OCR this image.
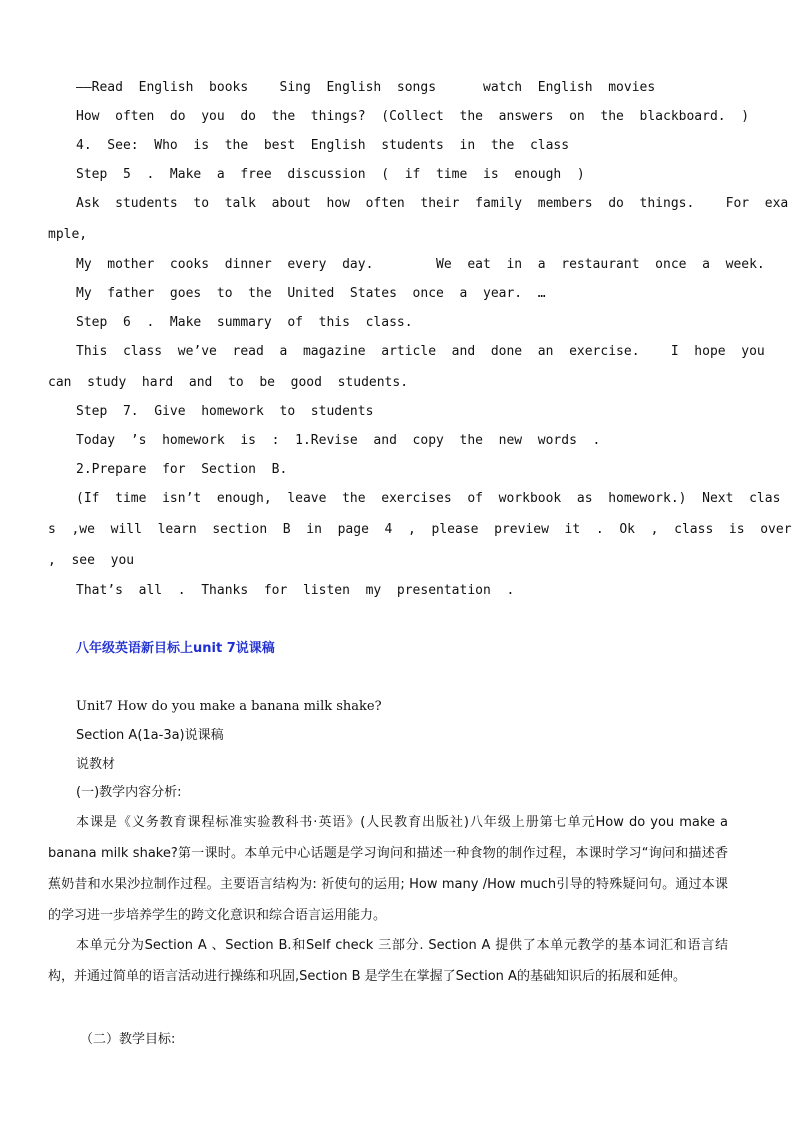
——Read  English  books    Sing  English  songs      watch  English  movies
How  often  do  you  do  the  things?  (Collect  the  answers  on  the  blackboard.  )
4.  See:  Who  is  the  best  English  students  in  the  class
Step  5  .  Make  a  free  discussion  (  if  time  is  enough  )
Ask  students  to  talk  about  how  often  their  family  members  do  things.    For  exa
mple,
My  mother  cooks  dinner  every  day.        We  eat  in  a  restaurant  once  a  week.
My  father  goes  to  the  United  States  once  a  year.  …
Step  6  .  Make  summary  of  this  class.
This  class  we’ve  read  a  magazine  article  and  done  an  exercise.    I  hope  you
can  study  hard  and  to  be  good  students.
Step  7.  Give  homework  to  students
Today  ’s  homework  is  :  1.Revise  and  copy  the  new  words  .
2.Prepare  for  Section  B.
(If  time  isn’t  enough,  leave  the  exercises  of  workbook  as  homework.)  Next  clas
s  ,we  will  learn  section  B  in  page  4  ,  please  preview  it  .  Ok  ,  class  is  over
,  see  you
That’s  all  .  Thanks  for  listen  my  presentation  .
八年级英语新目标上unit 7说课稿
Unit7 How do you make a banana milk shake?
Section A(1a-3a)说课稿
说教材
(一)教学内容分析:

本课是《义务教育课程标准实验教科书·英语》(人民教育出版社)八年级上册第七单元How do you make a banana milk shake?第一课时。本单元中心话题是学习询问和描述一种食物的制作过程，本课时学习“询问和描述香蕉奶昔和水果沙拉制作过程。主要语言结构为: 祈使句的运用; How many /How much引导的特殊疑问句。通过本课的学习进一步培养学生的跨文化意识和综合语言运用能力。

本单元分为Section A 、Section B.和Self check 三部分. Section A 提供了本单元教学的基本词汇和语言结构，并通过简单的语言活动进行操练和巩固,Section B 是学生在掌握了Section A的基础知识后的拓展和延伸。

（二）教学目标:
